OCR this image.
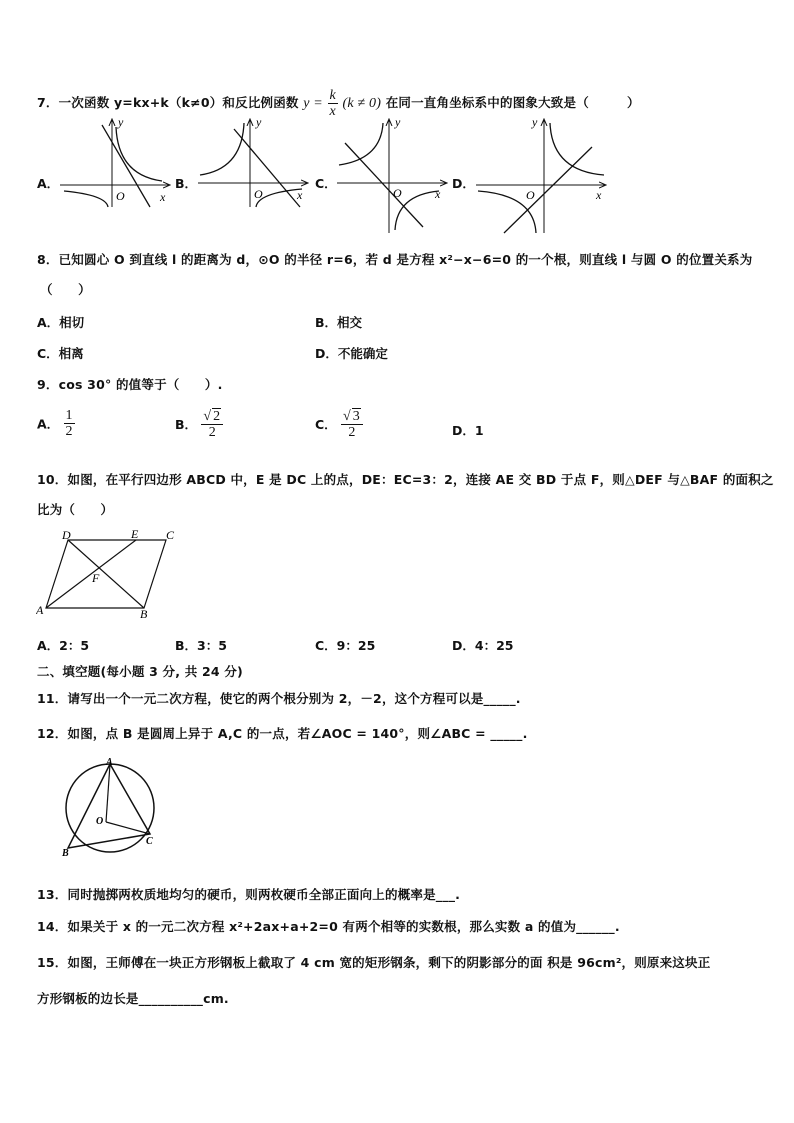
7．一次函数 y=kx+k（k≠0）和反比例函数 $y = \frac{k}{x} (k \ne 0)$ 在同一直角坐标系中的图象大致是（　　　）
A．	B．	C．	D．
y
O	x
y
O	x
y
O	x
y
O	x
8．已知圆心 O 到直线 l 的距离为 d，⊙O 的半径 r=6，若 d 是方程 x²−x−6=0 的一个根，则直线 l 与圆 O 的位置关系为
（　　）
A．相切	B．相交
C．相离	D．不能确定
9．cos 30° 的值等于（　　）.
A． $\frac{1}{2}$	B． $\frac{√ 2}{2}$	C． $\frac{√ 3}{2}$	D．1
10．如图，在平行四边形 ABCD 中，E 是 DC 上的点，DE：EC=3：2，连接 AE 交 BD 于点 F，则△DEF 与△BAF 的面积之
比为（　　）
A	B
C
D	E
F
A．2：5	B．3：5	C．9：25	D．4：25
二、填空题(每小题 3 分, 共 24 分)
11．请写出一个一元二次方程，使它的两个根分别为 2，－2，这个方程可以是_____.
12．如图，点 B 是圆周上异于 A,C 的一点，若∠AOC = 140°，则∠ABC = _____.
A
B
C
O
13．同时抛掷两枚质地均匀的硬币，则两枚硬币全部正面向上的概率是___.
14．如果关于 x 的一元二次方程 x²+2ax+a+2=0 有两个相等的实数根，那么实数 a 的值为______.
15．如图，王师傅在一块正方形钢板上截取了 4 cm 宽的矩形钢条，剩下的阴影部分的面 积是 96cm²，则原来这块正
方形钢板的边长是__________cm.
